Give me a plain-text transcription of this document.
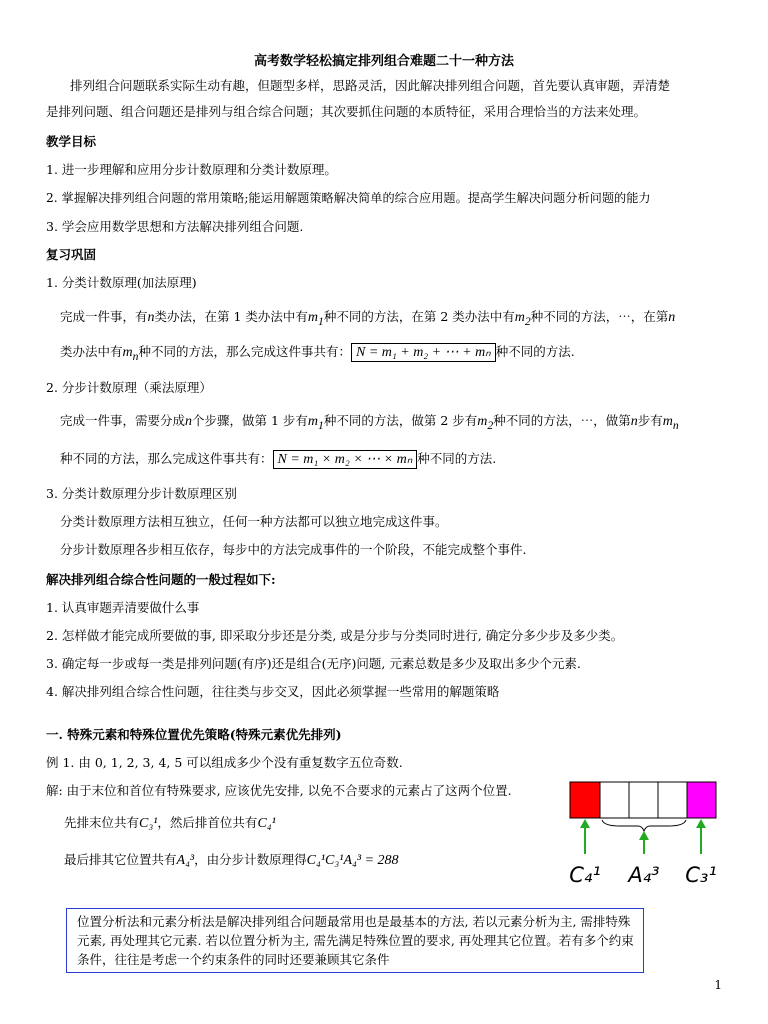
高考数学轻松搞定排列组合难题二十一种方法
排列组合问题联系实际生动有趣，但题型多样，思路灵活，因此解决排列组合问题，首先要认真审题，弄清楚
是排列问题、组合问题还是排列与组合综合问题；其次要抓住问题的本质特征，采用合理恰当的方法来处理。
教学目标
1. 进一步理解和应用分步计数原理和分类计数原理。
2. 掌握解决排列组合问题的常用策略;能运用解题策略解决简单的综合应用题。提高学生解决问题分析问题的能力
3. 学会应用数学思想和方法解决排列组合问题.
复习巩固
1. 分类计数原理(加法原理)
完成一件事，有n类办法，在第 1 类办法中有$m_1$种不同的方法，在第 2 类办法中有$m_2$种不同的方法，⋯，在第n
类办法中有$m_n$种不同的方法，那么完成这件事共有： N = m₁ + m₂ + ⋯ + mₙ 种不同的方法.
2. 分步计数原理（乘法原理）
完成一件事，需要分成n个步骤，做第 1 步有$m_1$种不同的方法，做第 2 步有$m_2$种不同的方法，⋯，做第n步有$m_n$
种不同的方法，那么完成这件事共有： N = m₁ × m₂ × ⋯ × mₙ 种不同的方法.
3. 分类计数原理分步计数原理区别
分类计数原理方法相互独立，任何一种方法都可以独立地完成这件事。
分步计数原理各步相互依存，每步中的方法完成事件的一个阶段，不能完成整个事件.
解决排列组合综合性问题的一般过程如下:
1. 认真审题弄清要做什么事
2. 怎样做才能完成所要做的事, 即采取分步还是分类, 或是分步与分类同时进行, 确定分多少步及多少类。
3. 确定每一步或每一类是排列问题(有序)还是组合(无序)问题, 元素总数是多少及取出多少个元素.
4. 解决排列组合综合性问题，往往类与步交叉，因此必须掌握一些常用的解题策略
一. 特殊元素和特殊位置优先策略(特殊元素优先排列)
例 1. 由 0, 1, 2, 3, 4, 5 可以组成多少个没有重复数字五位奇数.
解: 由于末位和首位有特殊要求, 应该优先安排, 以免不合要求的元素占了这两个位置.
先排末位共有C₃¹，然后排首位共有C₄¹
最后排其它位置共有A₄³，由分步计数原理得C₄¹C₃¹A₄³ = 288
C₄¹ A₄³ C₃¹
位置分析法和元素分析法是解决排列组合问题最常用也是最基本的方法, 若以元素分析为主, 需排特殊元素, 再处理其它元素. 若以位置分析为主, 需先满足特殊位置的要求, 再处理其它位置。若有多个约束条件，往往是考虑一个约束条件的同时还要兼顾其它条件
1
